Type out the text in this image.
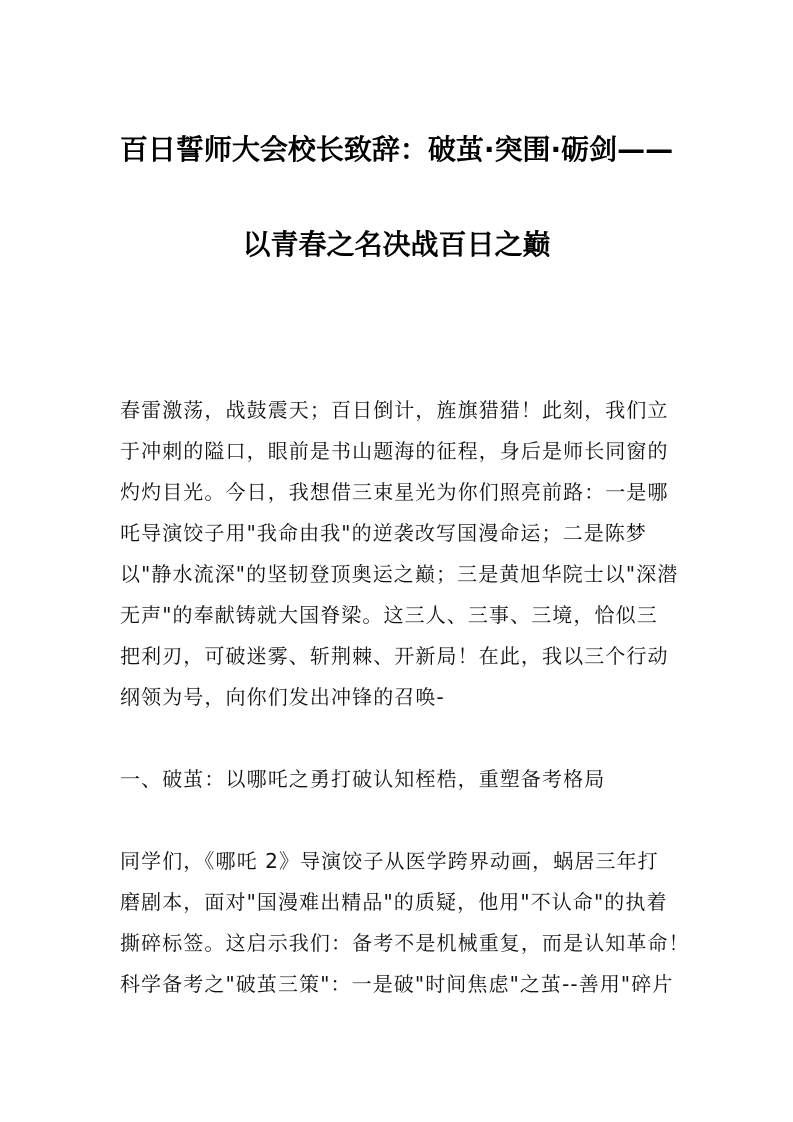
百日誓师大会校长致辞：破茧·突围·砺剑——
以青春之名决战百日之巅
春雷激荡，战鼓震天；百日倒计，旌旗猎猎！此刻，我们立
于冲刺的隘口，眼前是书山题海的征程，身后是师长同窗的
灼灼目光。今日，我想借三束星光为你们照亮前路：一是哪
吒导演饺子用"我命由我"的逆袭改写国漫命运；二是陈梦
以"静水流深"的坚韧登顶奥运之巅；三是黄旭华院士以"深潜
无声"的奉献铸就大国脊梁。这三人、三事、三境，恰似三
把利刃，可破迷雾、斩荆棘、开新局！在此，我以三个行动
纲领为号，向你们发出冲锋的召唤-
一、破茧：以哪吒之勇打破认知桎梏，重塑备考格局
同学们，《哪吒 2》导演饺子从医学跨界动画，蜗居三年打
磨剧本，面对"国漫难出精品"的质疑，他用"不认命"的执着
撕碎标签。这启示我们：备考不是机械重复，而是认知革命！
科学备考之"破茧三策"：一是破"时间焦虑"之茧--善用"碎片
